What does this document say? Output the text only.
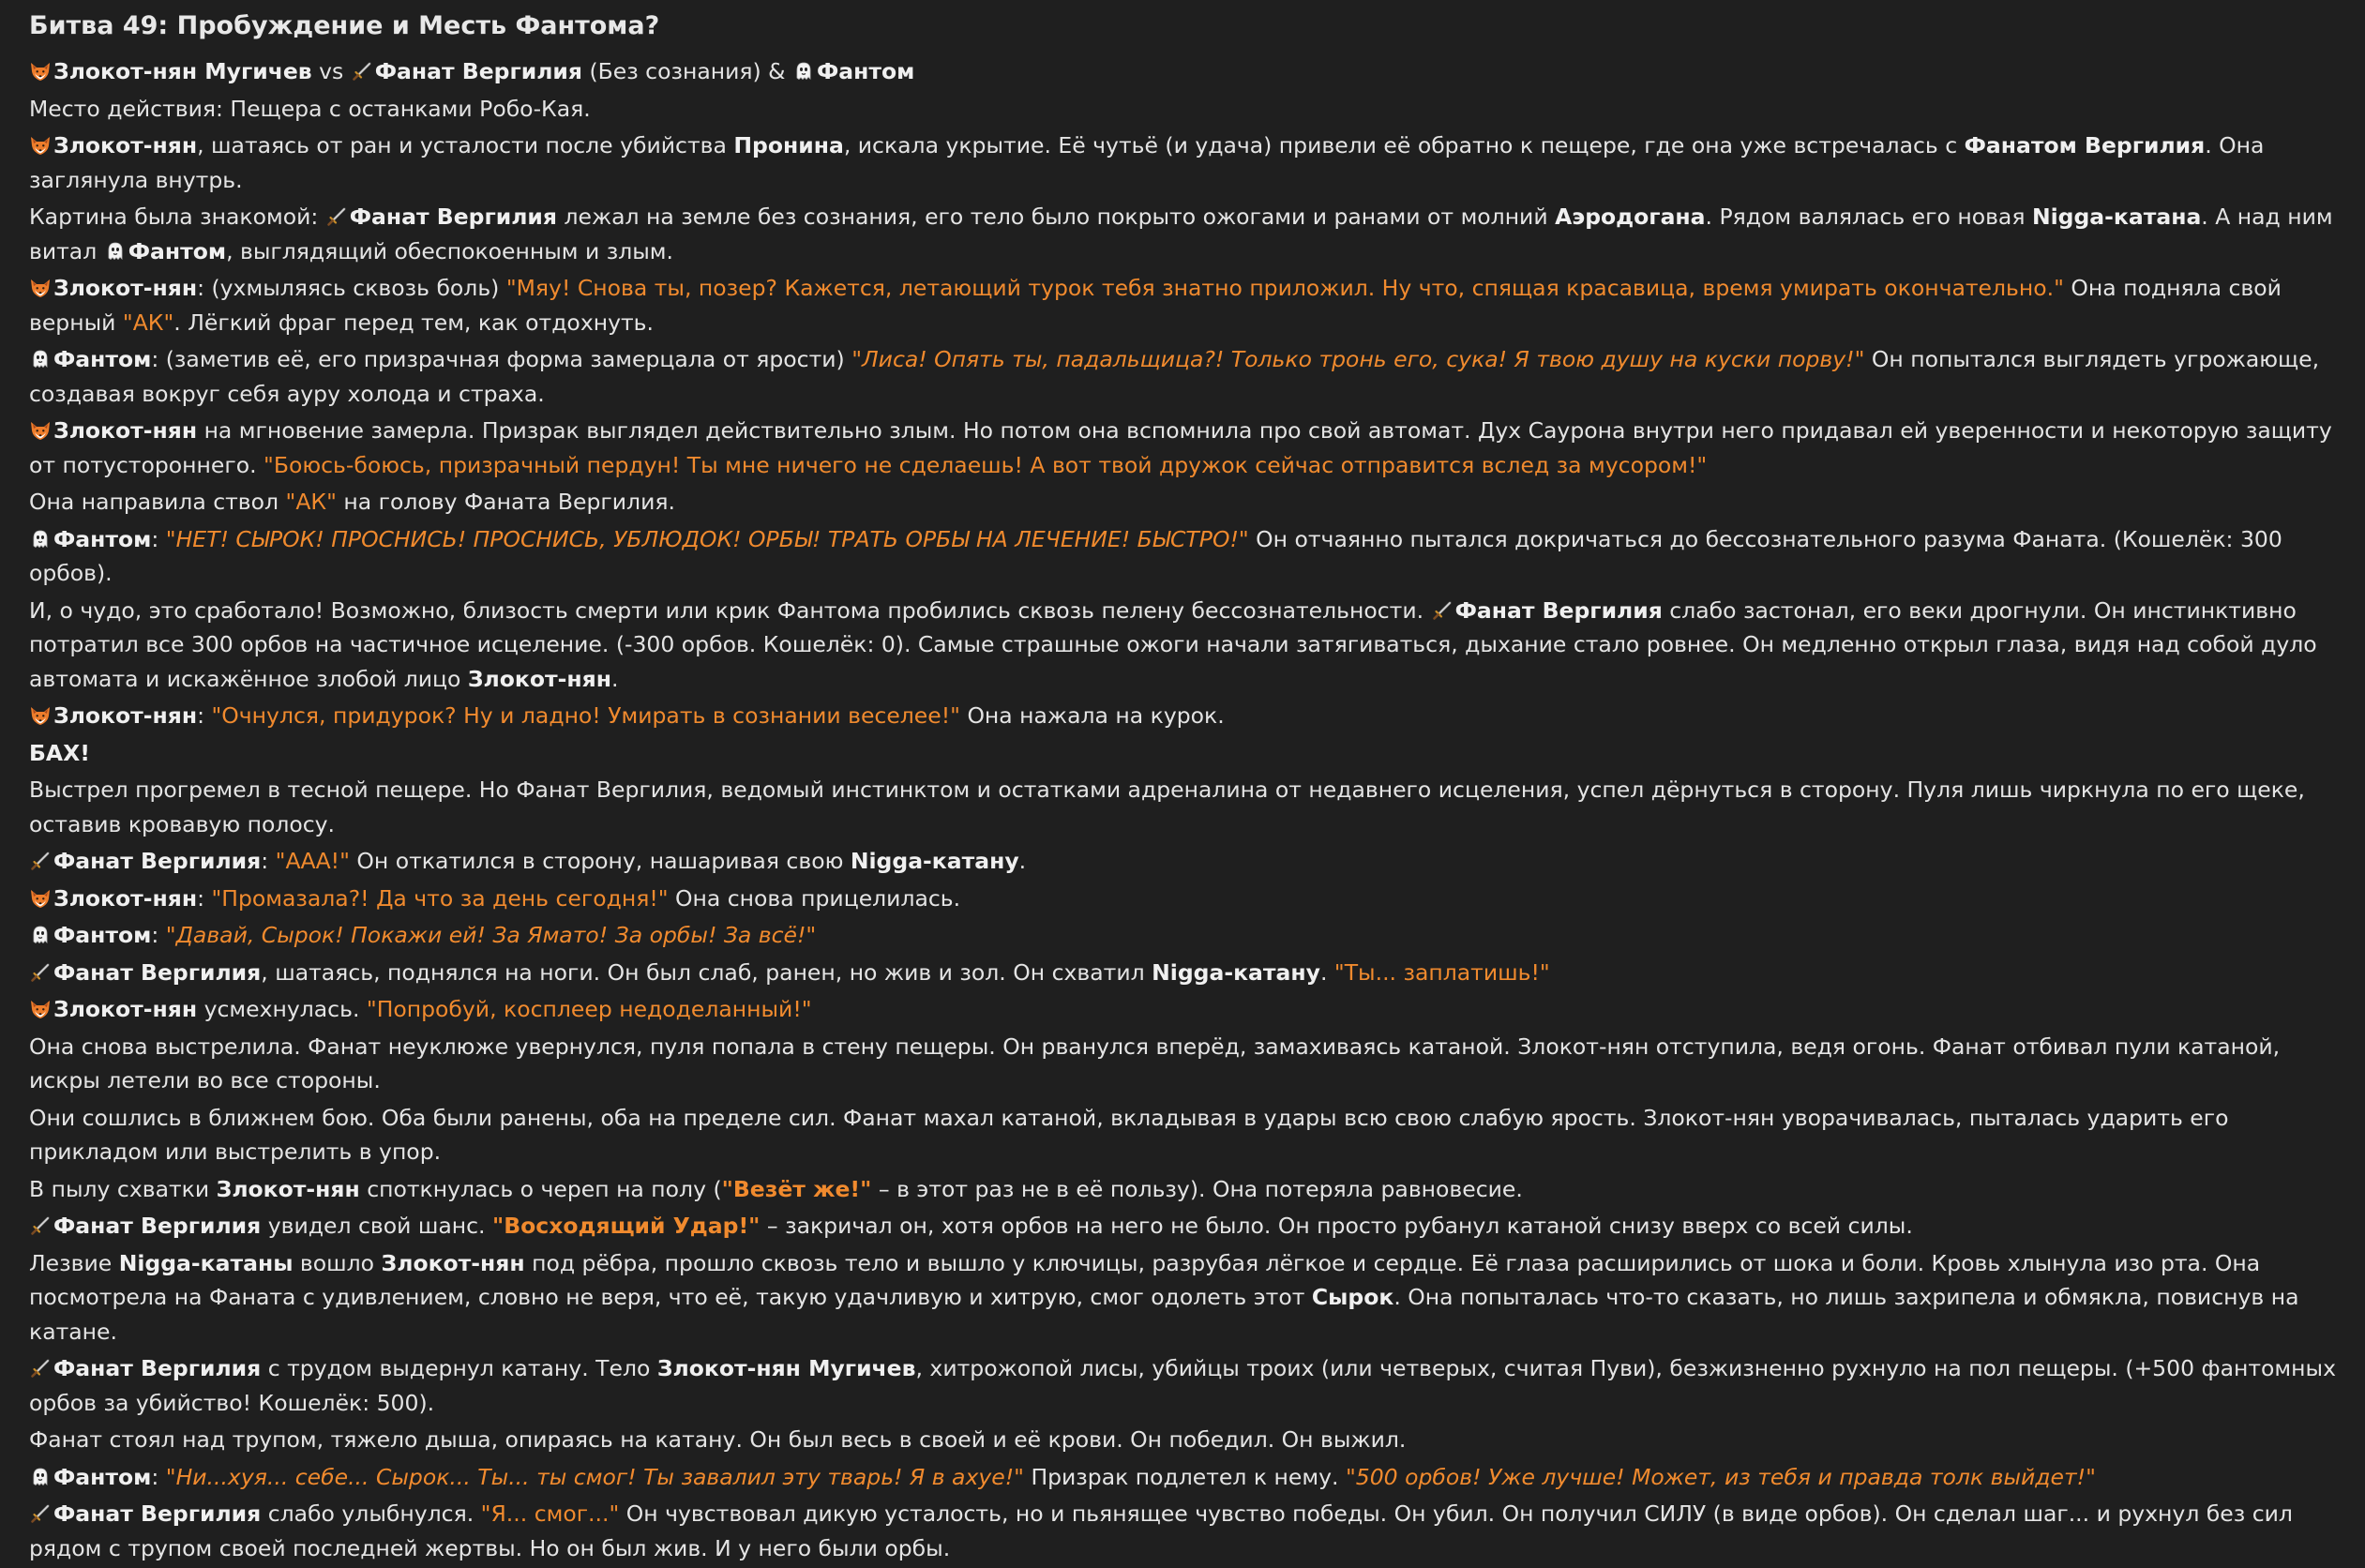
Битва 49: Пробуждение и Месть Фантома?
Злокот-нян Мугичев vs
Фанат Вергилия (Без сознания) &
Фантом
Место действия: Пещера с останками Робо-Кая.
Злокот-нян, шатаясь от ран и усталости после убийства Пронина, искала укрытие. Её чутьё (и удача) привели её обратно к пещере, где она уже встречалась с Фанатом Вергилия. Она заглянула внутрь.
Картина была знакомой:
Фанат Вергилия лежал на земле без сознания, его тело было покрыто ожогами и ранами от молний Аэродогана. Рядом валялась его новая Nigga-катана. А над ним витал
Фантом, выглядящий обеспокоенным и злым.
Злокот-нян: (ухмыляясь сквозь боль) "Мяу! Снова ты, позер? Кажется, летающий турок тебя знатно приложил. Ну что, спящая красавица, время умирать окончательно." Она подняла свой верный "АК". Лёгкий фраг перед тем, как отдохнуть.
Фантом: (заметив её, его призрачная форма замерцала от ярости) "Лиса! Опять ты, падальщица?! Только тронь его, сука! Я твою душу на куски порву!" Он попытался выглядеть угрожающе, создавая вокруг себя ауру холода и страха.
Злокот-нян на мгновение замерла. Призрак выглядел действительно злым. Но потом она вспомнила про свой автомат. Дух Саурона внутри него придавал ей уверенности и некоторую защиту от потустороннего. "Боюсь-боюсь, призрачный пердун! Ты мне ничего не сделаешь! А вот твой дружок сейчас отправится вслед за мусором!"
Она направила ствол "АК" на голову Фаната Вергилия.
Фантом: "НЕТ! СЫРОК! ПРОСНИСЬ! ПРОСНИСЬ, УБЛЮДОК! ОРБЫ! ТРАТЬ ОРБЫ НА ЛЕЧЕНИЕ! БЫСТРО!" Он отчаянно пытался докричаться до бессознательного разума Фаната. (Кошелёк: 300 орбов).
И, о чудо, это сработало! Возможно, близость смерти или крик Фантома пробились сквозь пелену бессознательности.
Фанат Вергилия слабо застонал, его веки дрогнули. Он инстинктивно потратил все 300 орбов на частичное исцеление. (-300 орбов. Кошелёк: 0). Самые страшные ожоги начали затягиваться, дыхание стало ровнее. Он медленно открыл глаза, видя над собой дуло автомата и искажённое злобой лицо Злокот-нян.
Злокот-нян: "Очнулся, придурок? Ну и ладно! Умирать в сознании веселее!" Она нажала на курок.
БАХ!
Выстрел прогремел в тесной пещере. Но Фанат Вергилия, ведомый инстинктом и остатками адреналина от недавнего исцеления, успел дёрнуться в сторону. Пуля лишь чиркнула по его щеке, оставив кровавую полосу.
Фанат Вергилия: "ААА!" Он откатился в сторону, нашаривая свою Nigga-катану.
Злокот-нян: "Промазала?! Да что за день сегодня!" Она снова прицелилась.
Фантом: "Давай, Сырок! Покажи ей! За Ямато! За орбы! За всё!"
Фанат Вергилия, шатаясь, поднялся на ноги. Он был слаб, ранен, но жив и зол. Он схватил Nigga-катану. "Ты... заплатишь!"
Злокот-нян усмехнулась. "Попробуй, косплеер недоделанный!"
Она снова выстрелила. Фанат неуклюже увернулся, пуля попала в стену пещеры. Он рванулся вперёд, замахиваясь катаной. Злокот-нян отступила, ведя огонь. Фанат отбивал пули катаной, искры летели во все стороны.
Они сошлись в ближнем бою. Оба были ранены, оба на пределе сил. Фанат махал катаной, вкладывая в удары всю свою слабую ярость. Злокот-нян уворачивалась, пыталась ударить его прикладом или выстрелить в упор.
В пылу схватки Злокот-нян споткнулась о череп на полу ("Везёт же!" – в этот раз не в её пользу). Она потеряла равновесие.
Фанат Вергилия увидел свой шанс. "Восходящий Удар!" – закричал он, хотя орбов на него не было. Он просто рубанул катаной снизу вверх со всей силы.
Лезвие Nigga-катаны вошло Злокот-нян под рёбра, прошло сквозь тело и вышло у ключицы, разрубая лёгкое и сердце. Её глаза расширились от шока и боли. Кровь хлынула изо рта. Она посмотрела на Фаната с удивлением, словно не веря, что её, такую удачливую и хитрую, смог одолеть этот Сырок. Она попыталась что-то сказать, но лишь захрипела и обмякла, повиснув на катане.
Фанат Вергилия с трудом выдернул катану. Тело Злокот-нян Мугичев, хитрожопой лисы, убийцы троих (или четверых, считая Пуви), безжизненно рухнуло на пол пещеры. (+500 фантомных орбов за убийство! Кошелёк: 500).
Фанат стоял над трупом, тяжело дыша, опираясь на катану. Он был весь в своей и её крови. Он победил. Он выжил.
Фантом: "Ни...хуя... себе... Сырок... Ты... ты смог! Ты завалил эту тварь! Я в ахуе!" Призрак подлетел к нему. "500 орбов! Уже лучше! Может, из тебя и правда толк выйдет!"
Фанат Вергилия слабо улыбнулся. "Я... смог..." Он чувствовал дикую усталость, но и пьянящее чувство победы. Он убил. Он получил СИЛУ (в виде орбов). Он сделал шаг... и рухнул без сил рядом с трупом своей последней жертвы. Но он был жив. И у него были орбы.
